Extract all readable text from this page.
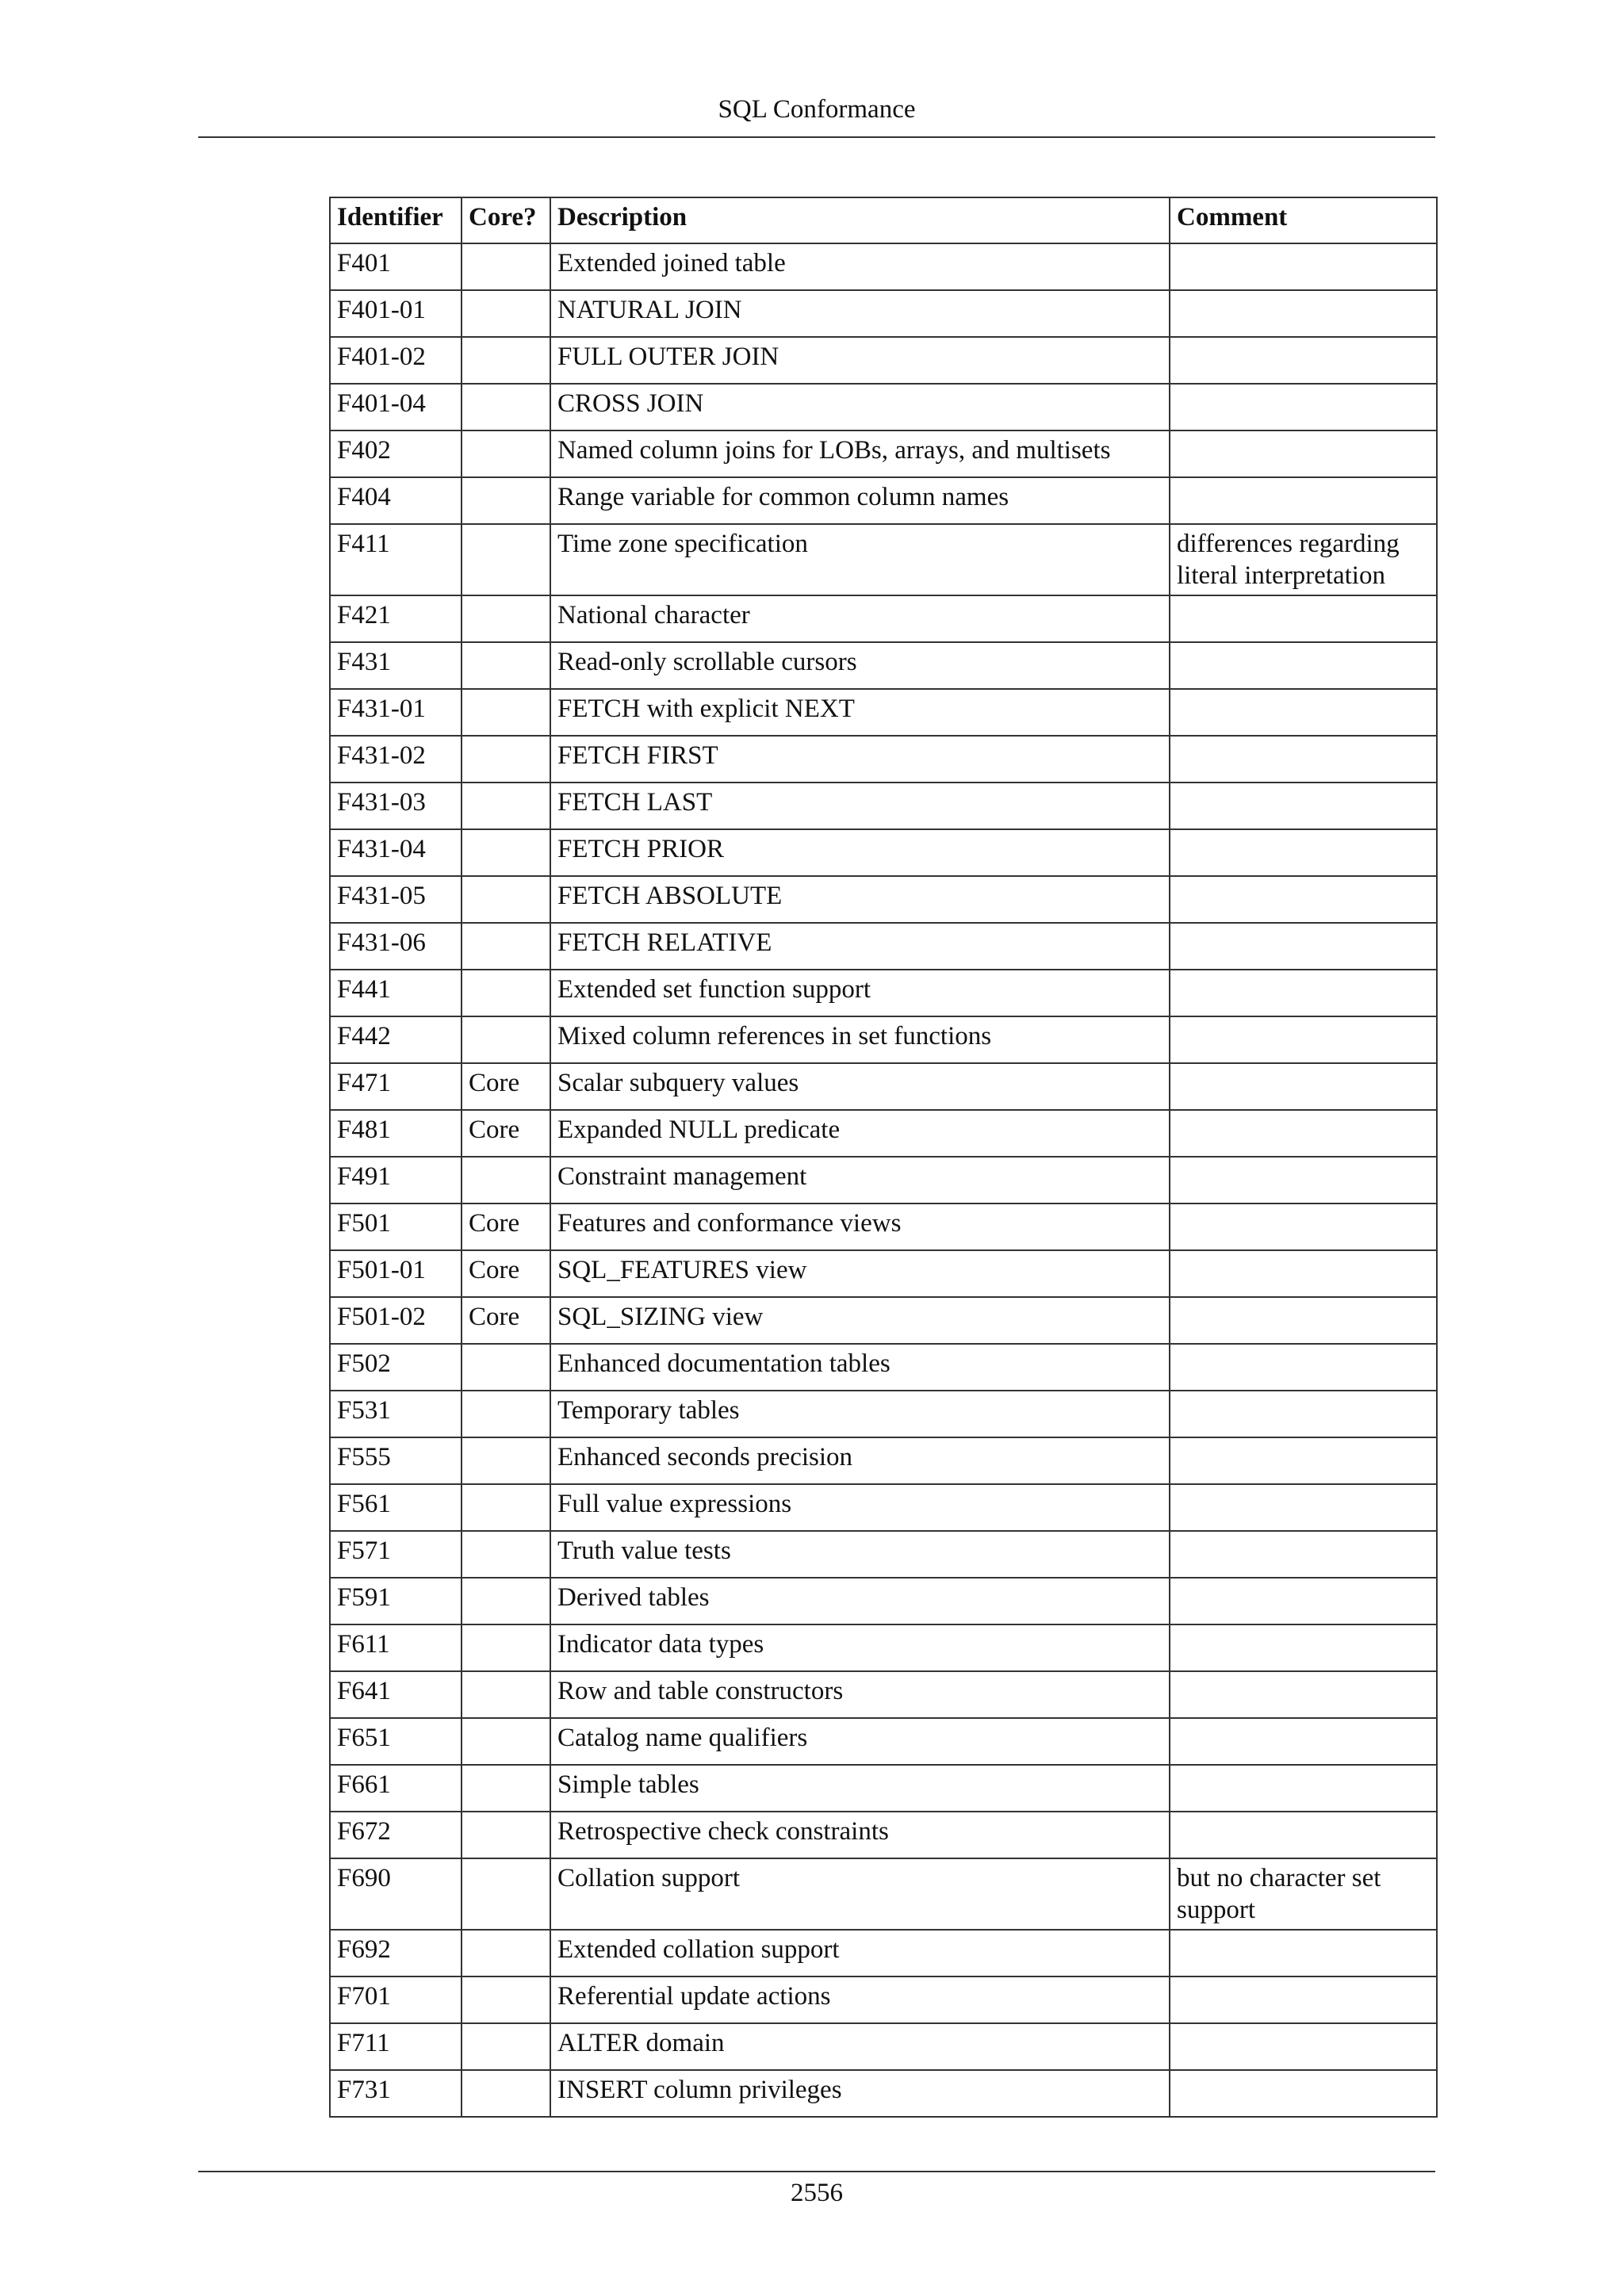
SQL Conformance
Identifier	Core?	Description	Comment
F401		Extended joined table	
F401-01		NATURAL JOIN	
F401-02		FULL OUTER JOIN	
F401-04		CROSS JOIN	
F402		Named column joins for LOBs, arrays, and multisets	
F404		Range variable for common column names	
F411		Time zone specification	differences regarding literal interpretation
F421		National character	
F431		Read-only scrollable cursors	
F431-01		FETCH with explicit NEXT	
F431-02		FETCH FIRST	
F431-03		FETCH LAST	
F431-04		FETCH PRIOR	
F431-05		FETCH ABSOLUTE	
F431-06		FETCH RELATIVE	
F441		Extended set function support	
F442		Mixed column references in set functions	
F471	Core	Scalar subquery values	
F481	Core	Expanded NULL predicate	
F491		Constraint management	
F501	Core	Features and conformance views	
F501-01	Core	SQL_FEATURES view	
F501-02	Core	SQL_SIZING view	
F502		Enhanced documentation tables	
F531		Temporary tables	
F555		Enhanced seconds precision	
F561		Full value expressions	
F571		Truth value tests	
F591		Derived tables	
F611		Indicator data types	
F641		Row and table constructors	
F651		Catalog name qualifiers	
F661		Simple tables	
F672		Retrospective check constraints	
F690		Collation support	but no character set support
F692		Extended collation support	
F701		Referential update actions	
F711		ALTER domain	
F731		INSERT column privileges	
2556
